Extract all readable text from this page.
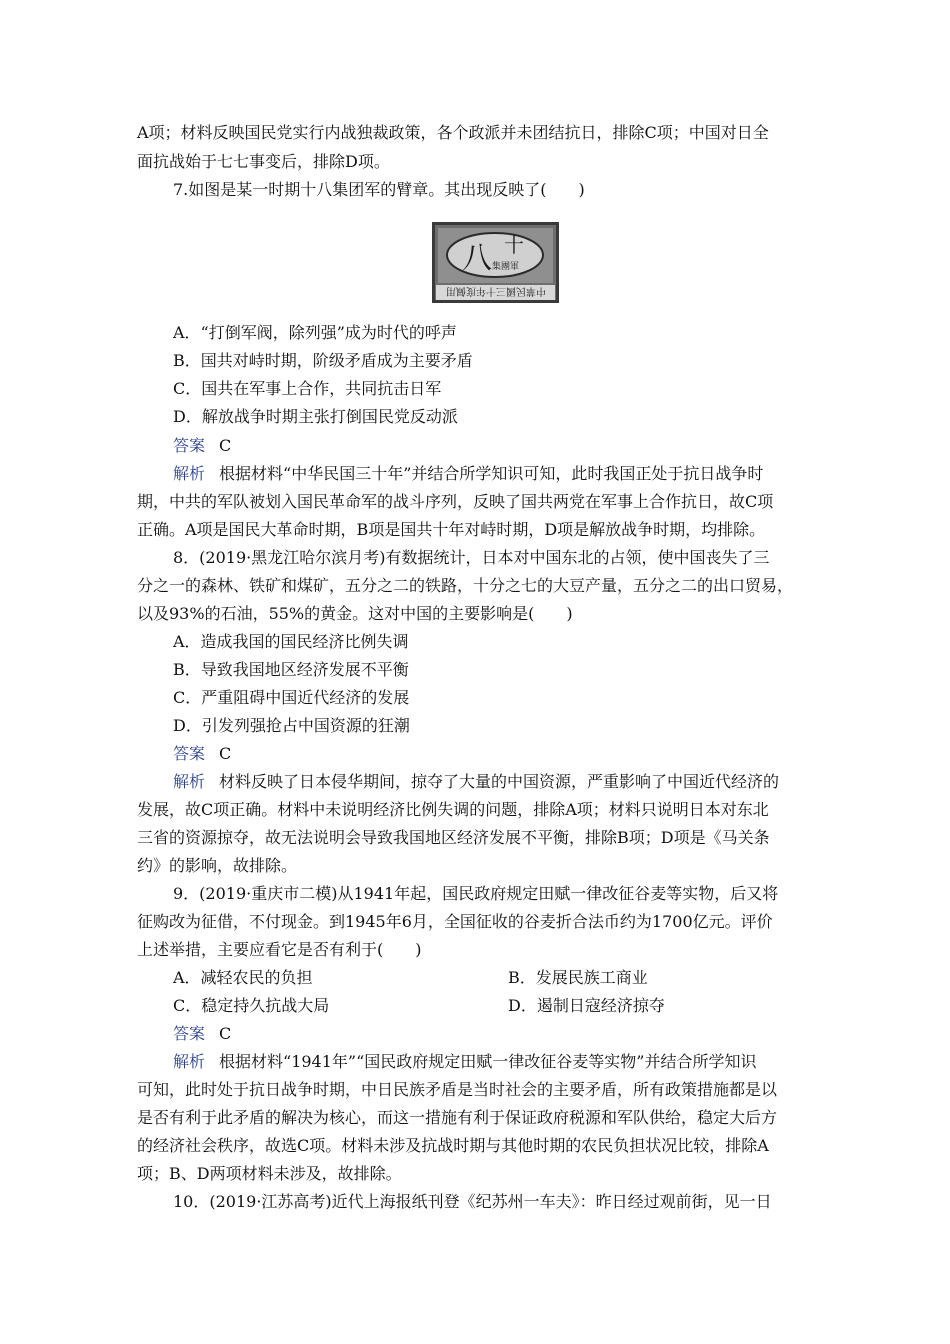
A项；材料反映国民党实行内战独裁政策，各个政派并未团结抗日，排除C项；中国对日全
面抗战始于七七事变后，排除D项。
7.如图是某一时期十八集团军的臂章。其出现反映了(　　)
八 十
集團軍
中華民國三十年度佩用
A．“打倒军阀，除列强”成为时代的呼声
B．国共对峙时期，阶级矛盾成为主要矛盾
C．国共在军事上合作，共同抗击日军
D．解放战争时期主张打倒国民党反动派
答案 C
解析 根据材料“中华民国三十年”并结合所学知识可知，此时我国正处于抗日战争时
期，中共的军队被划入国民革命军的战斗序列，反映了国共两党在军事上合作抗日，故C项
正确。A项是国民大革命时期，B项是国共十年对峙时期，D项是解放战争时期，均排除。
8．(2019·黑龙江哈尔滨月考)有数据统计，日本对中国东北的占领，使中国丧失了三
分之一的森林、铁矿和煤矿，五分之二的铁路，十分之七的大豆产量，五分之二的出口贸易，
以及93%的石油，55%的黄金。这对中国的主要影响是(　　)
A．造成我国的国民经济比例失调
B．导致我国地区经济发展不平衡
C．严重阻碍中国近代经济的发展
D．引发列强抢占中国资源的狂潮
答案 C
解析 材料反映了日本侵华期间，掠夺了大量的中国资源，严重影响了中国近代经济的
发展，故C项正确。材料中未说明经济比例失调的问题，排除A项；材料只说明日本对东北
三省的资源掠夺，故无法说明会导致我国地区经济发展不平衡，排除B项；D项是《马关条
约》的影响，故排除。
9．(2019·重庆市二模)从1941年起，国民政府规定田赋一律改征谷麦等实物，后又将
征购改为征借，不付现金。到1945年6月，全国征收的谷麦折合法币约为1700亿元。评价
上述举措，主要应看它是否有利于(　　)
A．减轻农民的负担	B．发展民族工商业
C．稳定持久抗战大局	D．遏制日寇经济掠夺
答案 C
解析 根据材料“1941年”“国民政府规定田赋一律改征谷麦等实物”并结合所学知识
可知，此时处于抗日战争时期，中日民族矛盾是当时社会的主要矛盾，所有政策措施都是以
是否有利于此矛盾的解决为核心，而这一措施有利于保证政府税源和军队供给，稳定大后方
的经济社会秩序，故选C项。材料未涉及抗战时期与其他时期的农民负担状况比较，排除A
项；B、D两项材料未涉及，故排除。
10．(2019·江苏高考)近代上海报纸刊登《纪苏州一车夫》：昨日经过观前街，见一日
